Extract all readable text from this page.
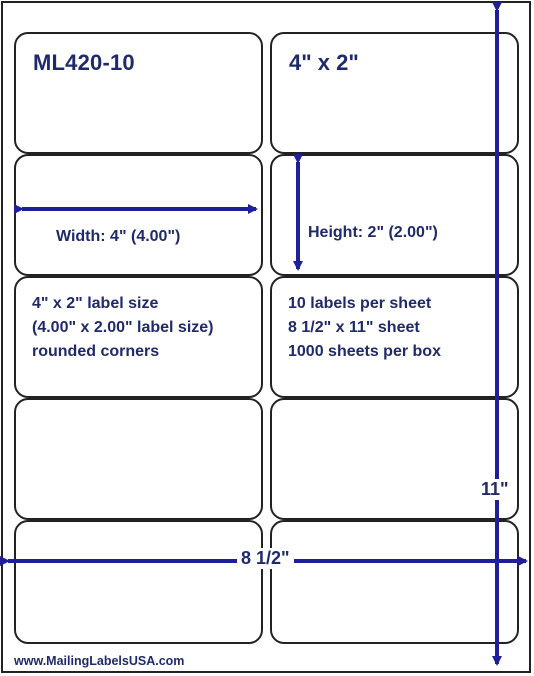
ML420-10	4" x 2"

Width: 4" (4.00")	Height: 2" (2.00")

4" x 2" label size
(4.00" x 2.00" label size)
rounded corners
10 labels per sheet
8 1/2" x 11" sheet
1000 sheets per box
11"
8 1/2"
www.MailingLabelsUSA.com
